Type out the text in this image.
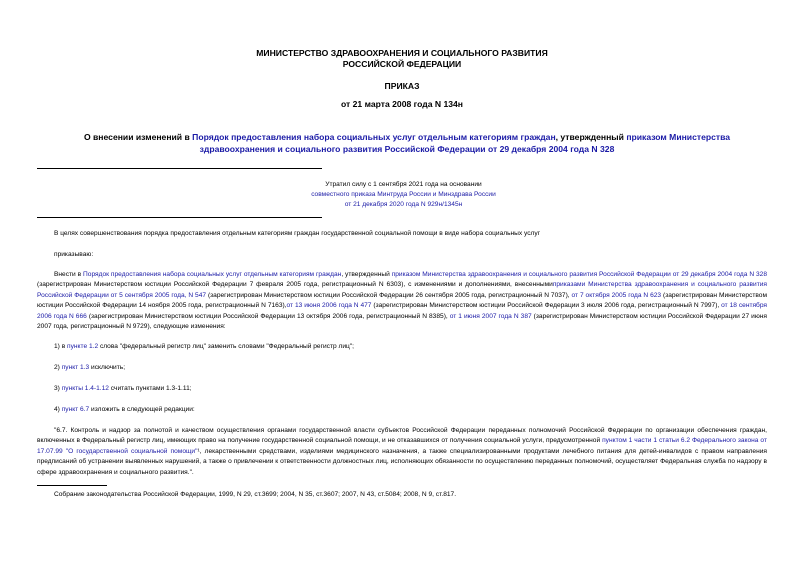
МИНИСТЕРСТВО ЗДРАВООХРАНЕНИЯ И СОЦИАЛЬНОГО РАЗВИТИЯ
РОССИЙСКОЙ ФЕДЕРАЦИИ
ПРИКАЗ
от 21 марта 2008 года N 134н
О внесении изменений в Порядок предоставления набора социальных услуг отдельным категориям граждан, утвержденный приказом Министерства здравоохранения и социального развития Российской Федерации от 29 декабря 2004 года N 328
Утратил силу с 1 сентября 2021 года на основании
совместного приказа Минтруда России и Минздрава России
от 21 декабря 2020 года N 929н/1345н
В целях совершенствования порядка предоставления отдельным категориям граждан государственной социальной помощи в виде набора социальных услуг
приказываю:
Внести в Порядок предоставления набора социальных услуг отдельным категориям граждан, утвержденный приказом Министерства здравоохранения и социального развития Российской Федерации от 29 декабря 2004 года N 328 (зарегистрирован Министерством юстиции Российской Федерации 7 февраля 2005 года, регистрационный N 6303), с изменениями и дополнениями, внесеннымиприказами Министерства здравоохранения и социального развития Российской Федерации от 5 сентября 2005 года, N 547 (зарегистрирован Министерством юстиции Российской Федерации 26 сентября 2005 года, регистрационный N 7037), от 7 октября 2005 года N 623 (зарегистрирован Министерством юстиции Российской Федерации 14 ноября 2005 года, регистрационный N 7163),от 13 июня 2006 года N 477 (зарегистрирован Министерством юстиции Российской Федерации 3 июля 2006 года, регистрационный N 7997), от 18 сентября 2006 года N 666 (зарегистрирован Министерством юстиции Российской Федерации 13 октября 2006 года, регистрационный N 8385), от 1 июня 2007 года N 387 (зарегистрирован Министерством юстиции Российской Федерации 27 июня 2007 года, регистрационный N 9729), следующие изменения:
1) в пункте 1.2 слова "федеральный регистр лиц" заменить словами "Федеральный регистр лиц";
2) пункт 1.3 исключить;
3) пункты 1.4-1.12 считать пунктами 1.3-1.11;
4) пункт 6.7 изложить в следующей редакции:
"6.7. Контроль и надзор за полнотой и качеством осуществления органами государственной власти субъектов Российской Федерации переданных полномочий Российской Федерации по организации обеспечения граждан, включенных в Федеральный регистр лиц, имеющих право на получение государственной социальной помощи, и не отказавшихся от получения социальной услуги, предусмотренной пунктом 1 части 1 статьи 6.2 Федерального закона от 17.07.99 "О государственной социальной помощи"¹, лекарственными средствами, изделиями медицинского назначения, а также специализированными продуктами лечебного питания для детей-инвалидов с правом направления предписаний об устранении выявленных нарушений, а также о привлечении к ответственности должностных лиц, исполняющих обязанности по осуществлению переданных полномочий, осуществляет Федеральная служба по надзору в сфере здравоохранения и социального развития.".
Собрание законодательства Российской Федерации, 1999, N 29, ст.3699; 2004, N 35, ст.3607; 2007, N 43, ст.5084; 2008, N 9, ст.817.
